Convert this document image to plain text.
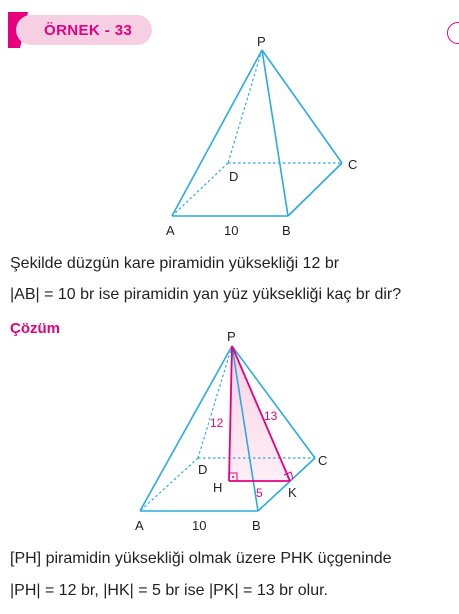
ÖRNEK - 33
P
A	B
C
D
10
Şekilde düzgün kare piramidin yüksekliği 12 br
|AB| = 10 br ise piramidin yan yüz yüksekliği kaç br dir?
Çözüm	P
A	B
C
D
H	K
10
12	13
5
[PH] piramidin yüksekliği olmak üzere PHK üçgeninde
|PH| = 12 br, |HK| = 5 br ise |PK| = 13 br olur.
